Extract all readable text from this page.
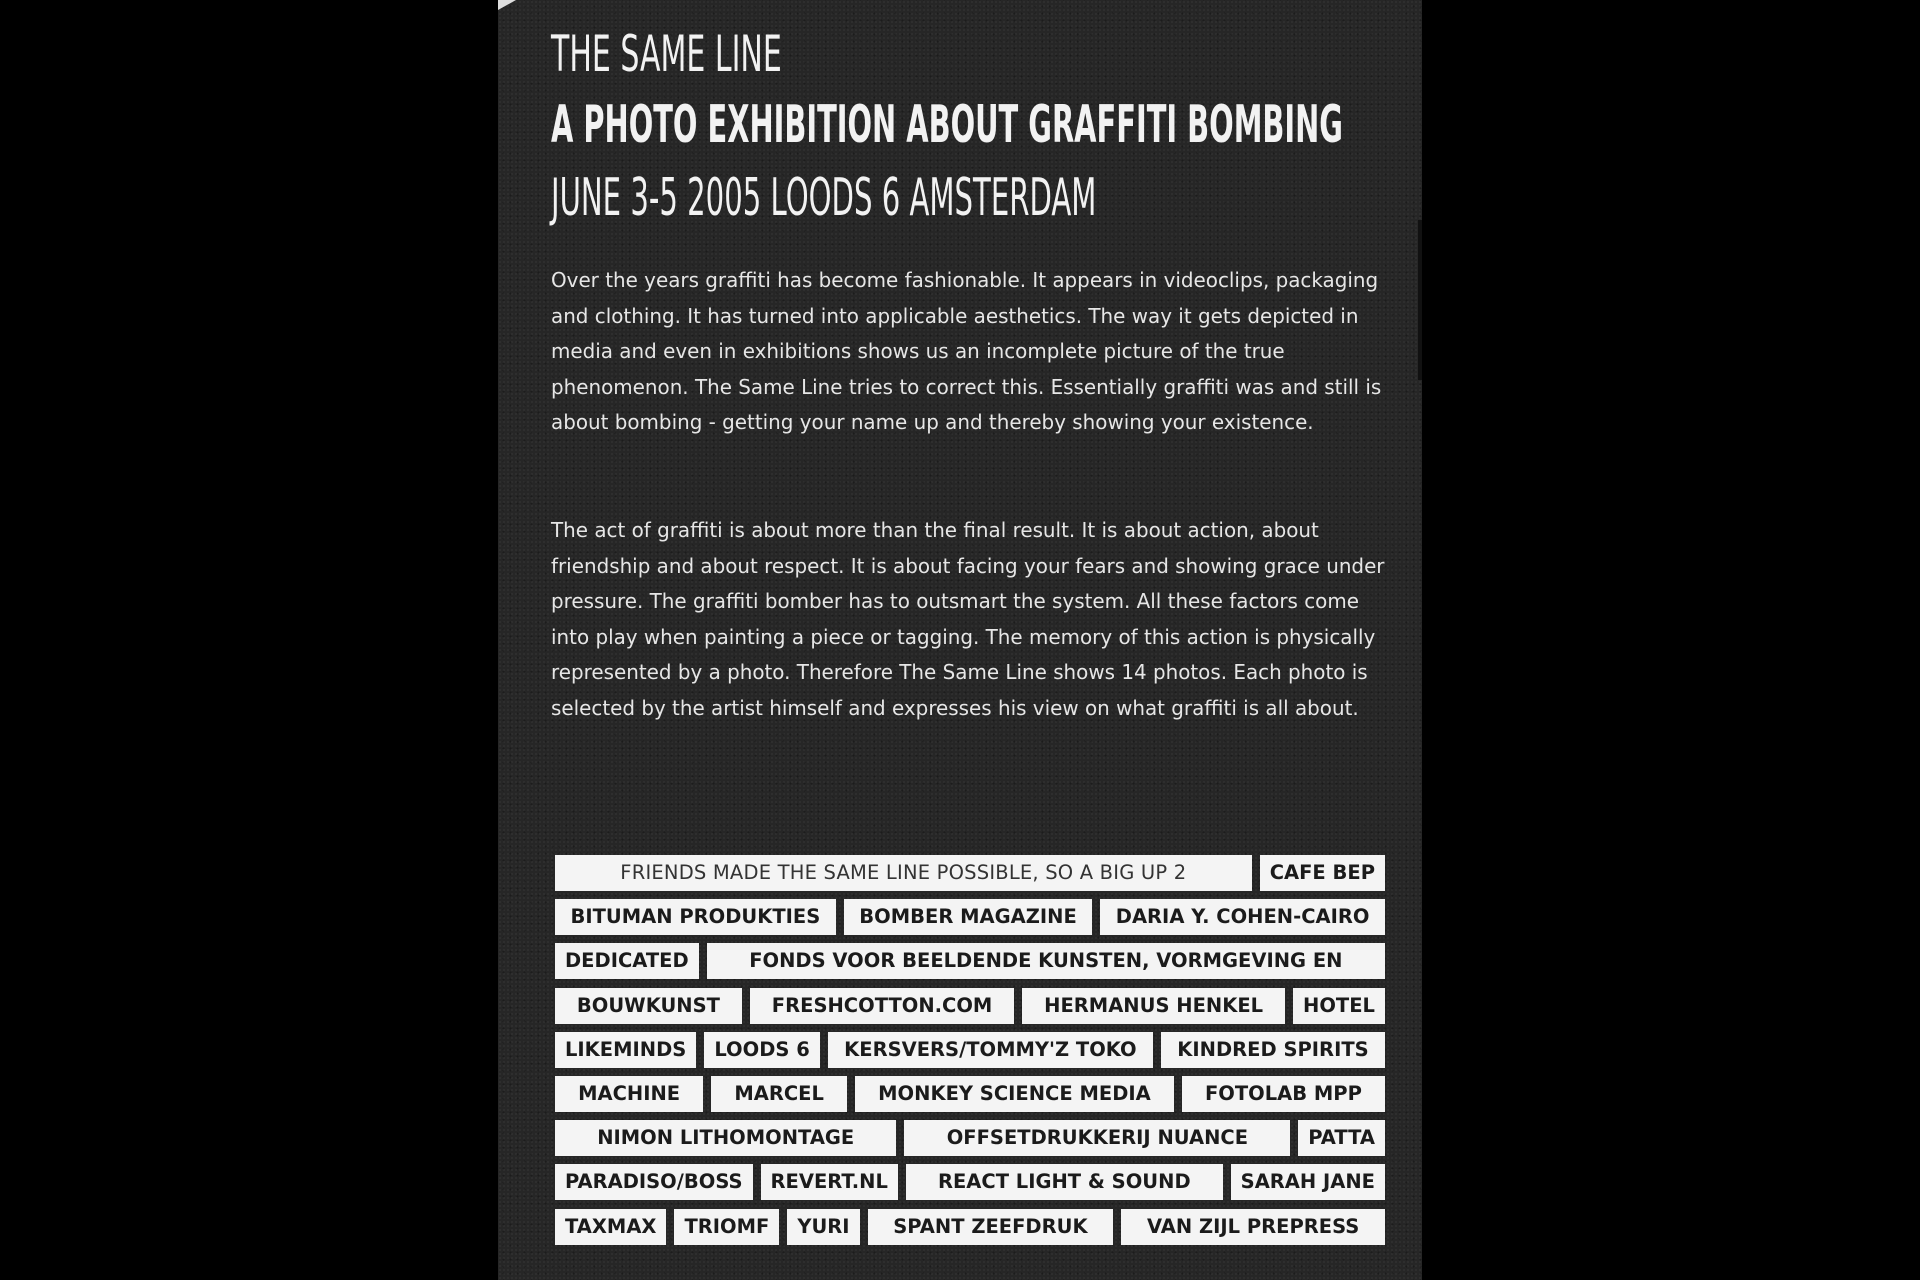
THE SAME LINE
A PHOTO EXHIBITION ABOUT GRAFFITI BOMBING
JUNE 3-5 2005 LOODS 6 AMSTERDAM

Over the years graffiti has become fashionable. It appears in videoclips, packaging and clothing. It has turned into applicable aesthetics. The way it gets depicted in media and even in exhibitions shows us an incomplete picture of the true phenomenon. The Same Line tries to correct this. Essentially graffiti was and still is about bombing - getting your name up and thereby showing your existence.

The act of graffiti is about more than the final result. It is about action, about friendship and about respect. It is about facing your fears and showing grace under pressure. The graffiti bomber has to outsmart the system. All these factors come into play when painting a piece or tagging. The memory of this action is physically represented by a photo. Therefore The Same Line shows 14 photos. Each photo is selected by the artist himself and expresses his view on what graffiti is all about.

FRIENDS MADE THE SAME LINE POSSIBLE, SO A BIG UP 2	CAFE BEP
BITUMAN PRODUKTIES	BOMBER MAGAZINE	DARIA Y. COHEN-CAIRO
DEDICATED	FONDS VOOR BEELDENDE KUNSTEN, VORMGEVING EN
BOUWKUNST	FRESHCOTTON.COM	HERMANUS HENKEL	HOTEL
LIKEMINDS	LOODS 6	KERSVERS/TOMMY'Z TOKO	KINDRED SPIRITS
MACHINE	MARCEL	MONKEY SCIENCE MEDIA	FOTOLAB MPP
NIMON LITHOMONTAGE	OFFSETDRUKKERIJ NUANCE	PATTA
PARADISO/BOSS	REVERT.NL	REACT LIGHT & SOUND	SARAH JANE
TAXMAX	TRIOMF	YURI	SPANT ZEEFDRUK	VAN ZIJL PREPRESS
